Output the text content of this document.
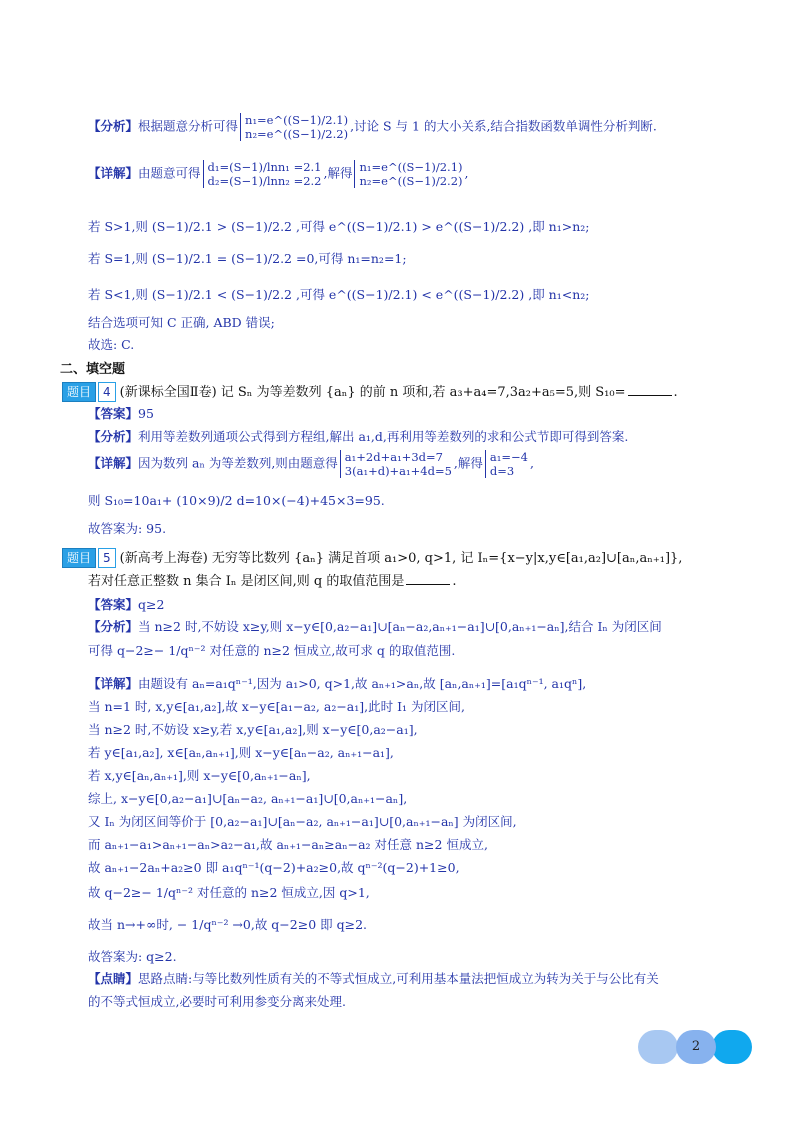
【分析】根据题意分析可得 n₁=e^((S−1)/2.1)
n₂=e^((S−1)/2.2),讨论 S 与 1 的大小关系,结合指数函数单调性分析判断.
【详解】由题意可得 d₁=(S−1)/lnn₁ =2.1
d₂=(S−1)/lnn₂ =2.2,解得 n₁=e^((S−1)/2.1)
n₂=e^((S−1)/2.2),
若 S>1,则 (S−1)/2.1 > (S−1)/2.2 ,可得 e^((S−1)/2.1) > e^((S−1)/2.2) ,即 n₁>n₂;
若 S=1,则 (S−1)/2.1 = (S−1)/2.2 =0,可得 n₁=n₂=1;
若 S<1,则 (S−1)/2.1 < (S−1)/2.2 ,可得 e^((S−1)/2.1) < e^((S−1)/2.2) ,即 n₁<n₂;
结合选项可知 C 正确, ABD 错误;
故选: C.
二、填空题
题目 4 (新课标全国Ⅱ卷) 记 Sₙ 为等差数列 {aₙ} 的前 n 项和,若 a₃+a₄=7,3a₂+a₅=5,则 S₁₀=	.
【答案】95
【分析】利用等差数列通项公式得到方程组,解出 a₁,d,再利用等差数列的求和公式节即可得到答案.
【详解】因为数列 aₙ 为等差数列,则由题意得 a₁+2d+a₁+3d=7
3(a₁+d)+a₁+4d=5,解得 a₁=−4
d=3,
则 S₁₀=10a₁+ (10×9)/2 d=10×(−4)+45×3=95.
故答案为: 95.
题目 5 (新高考上海卷) 无穷等比数列 {aₙ} 满足首项 a₁>0, q>1, 记 Iₙ={x−y|x,y∈[a₁,a₂]∪[aₙ,aₙ₊₁]},
若对任意正整数 n 集合 Iₙ 是闭区间,则 q 的取值范围是	.
【答案】q≥2
【分析】当 n≥2 时,不妨设 x≥y,则 x−y∈[0,a₂−a₁]∪[aₙ−a₂,aₙ₊₁−a₁]∪[0,aₙ₊₁−aₙ],结合 Iₙ 为闭区间
可得 q−2≥− 1/qⁿ⁻² 对任意的 n≥2 恒成立,故可求 q 的取值范围.
【详解】由题设有 aₙ=a₁qⁿ⁻¹,因为 a₁>0, q>1,故 aₙ₊₁>aₙ,故 [aₙ,aₙ₊₁]=[a₁qⁿ⁻¹, a₁qⁿ],
当 n=1 时, x,y∈[a₁,a₂],故 x−y∈[a₁−a₂, a₂−a₁],此时 I₁ 为闭区间,
当 n≥2 时,不妨设 x≥y,若 x,y∈[a₁,a₂],则 x−y∈[0,a₂−a₁],
若 y∈[a₁,a₂], x∈[aₙ,aₙ₊₁],则 x−y∈[aₙ−a₂, aₙ₊₁−a₁],
若 x,y∈[aₙ,aₙ₊₁],则 x−y∈[0,aₙ₊₁−aₙ],
综上, x−y∈[0,a₂−a₁]∪[aₙ−a₂, aₙ₊₁−a₁]∪[0,aₙ₊₁−aₙ],
又 Iₙ 为闭区间等价于 [0,a₂−a₁]∪[aₙ−a₂, aₙ₊₁−a₁]∪[0,aₙ₊₁−aₙ] 为闭区间,
而 aₙ₊₁−a₁>aₙ₊₁−aₙ>a₂−a₁,故 aₙ₊₁−aₙ≥aₙ−a₂ 对任意 n≥2 恒成立,
故 aₙ₊₁−2aₙ+a₂≥0 即 a₁qⁿ⁻¹(q−2)+a₂≥0,故 qⁿ⁻²(q−2)+1≥0,
故 q−2≥− 1/qⁿ⁻² 对任意的 n≥2 恒成立,因 q>1,
故当 n→+∞时, − 1/qⁿ⁻² →0,故 q−2≥0 即 q≥2.
故答案为: q≥2.
【点睛】思路点睛:与等比数列性质有关的不等式恒成立,可利用基本量法把恒成立为转为关于与公比有关
的不等式恒成立,必要时可利用参变分离来处理.
2
